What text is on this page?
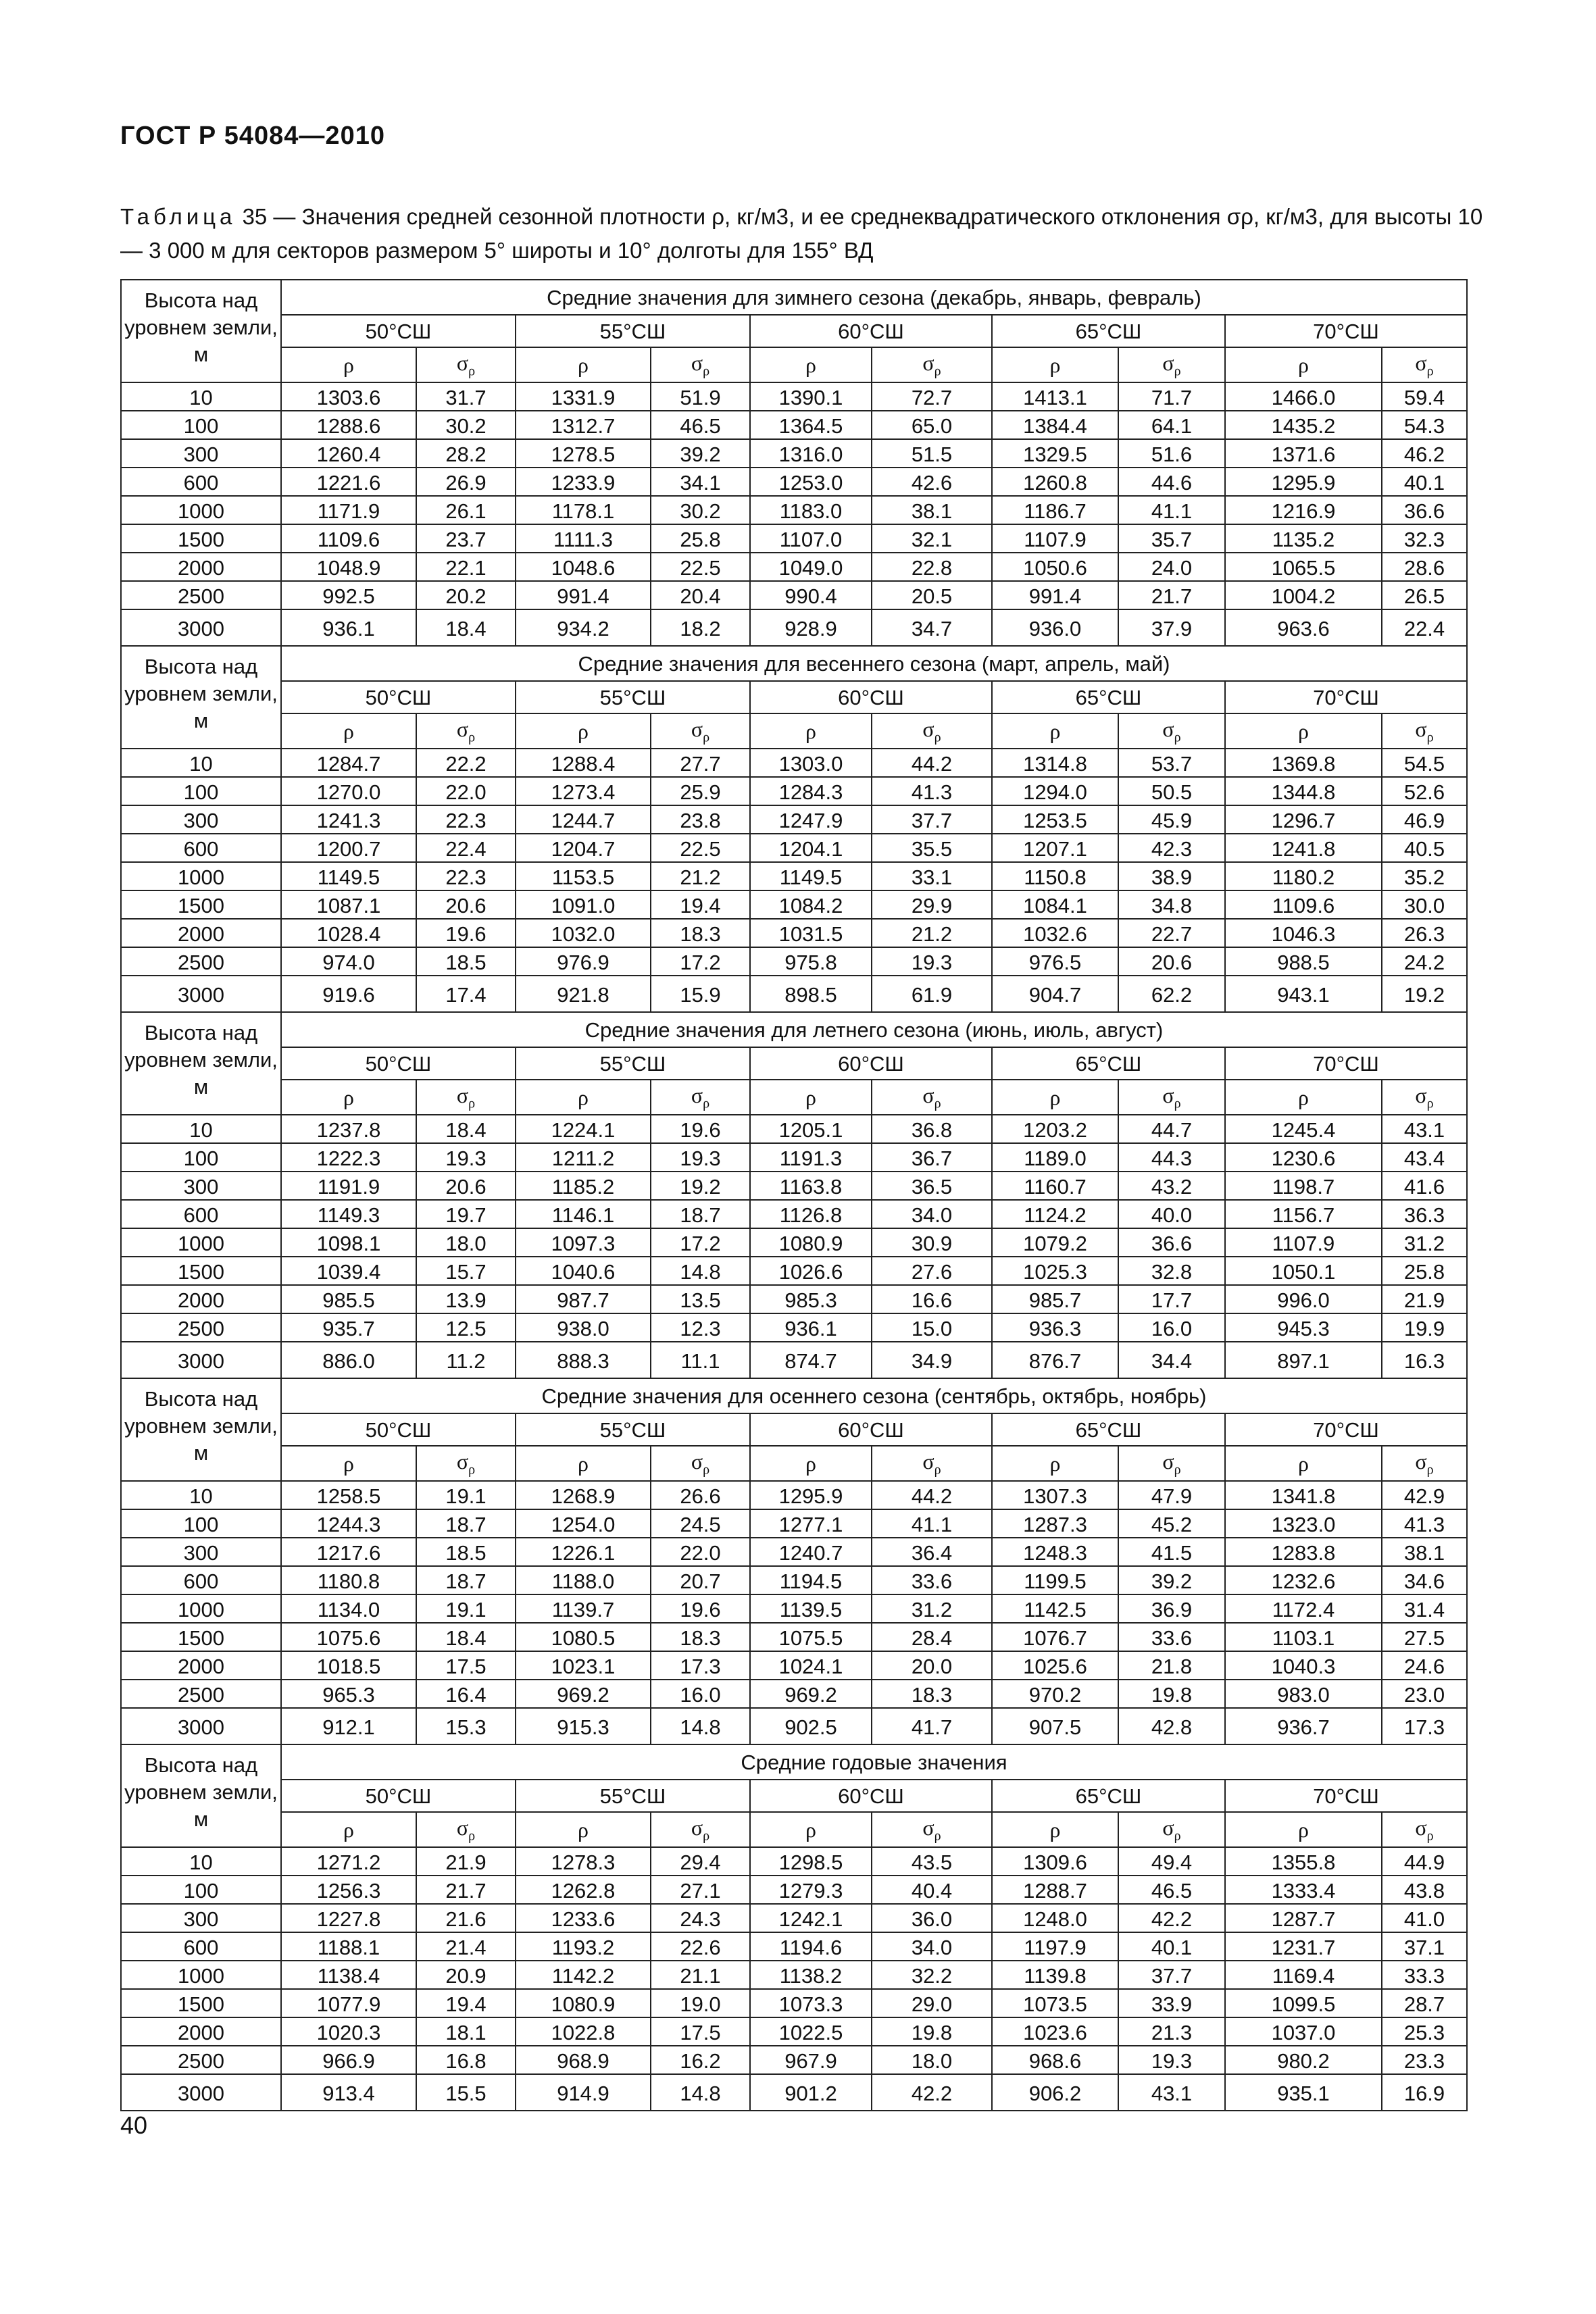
ГОСТ Р 54084—2010
Таблица 35 — Значения средней сезонной плотности ρ, кг/м3, и ее среднеквадратического отклонения σρ, кг/м3, для высоты 10 — 3 000 м для секторов размером 5° широты и 10° долготы для 155° ВД
Высота над уровнем земли, м	Средние значения для зимнего сезона (декабрь, январь, февраль)									
	50°СШ		55°СШ		60°СШ		65°СШ		70°СШ	
	ρ	$\sigma_\rho$	ρ	$\sigma_\rho$	ρ	$\sigma_\rho$	ρ	$\sigma_\rho$	ρ	$\sigma_\rho$
10	1303.6	31.7	1331.9	51.9	1390.1	72.7	1413.1	71.7	1466.0	59.4
100	1288.6	30.2	1312.7	46.5	1364.5	65.0	1384.4	64.1	1435.2	54.3
300	1260.4	28.2	1278.5	39.2	1316.0	51.5	1329.5	51.6	1371.6	46.2
600	1221.6	26.9	1233.9	34.1	1253.0	42.6	1260.8	44.6	1295.9	40.1
1000	1171.9	26.1	1178.1	30.2	1183.0	38.1	1186.7	41.1	1216.9	36.6
1500	1109.6	23.7	1111.3	25.8	1107.0	32.1	1107.9	35.7	1135.2	32.3
2000	1048.9	22.1	1048.6	22.5	1049.0	22.8	1050.6	24.0	1065.5	28.6
2500	992.5	20.2	991.4	20.4	990.4	20.5	991.4	21.7	1004.2	26.5
3000	936.1	18.4	934.2	18.2	928.9	34.7	936.0	37.9	963.6	22.4
Высота над уровнем земли, м	Средние значения для весеннего сезона (март, апрель, май)									
	50°СШ		55°СШ		60°СШ		65°СШ		70°СШ	
	ρ	$\sigma_\rho$	ρ	$\sigma_\rho$	ρ	$\sigma_\rho$	ρ	$\sigma_\rho$	ρ	$\sigma_\rho$
10	1284.7	22.2	1288.4	27.7	1303.0	44.2	1314.8	53.7	1369.8	54.5
100	1270.0	22.0	1273.4	25.9	1284.3	41.3	1294.0	50.5	1344.8	52.6
300	1241.3	22.3	1244.7	23.8	1247.9	37.7	1253.5	45.9	1296.7	46.9
600	1200.7	22.4	1204.7	22.5	1204.1	35.5	1207.1	42.3	1241.8	40.5
1000	1149.5	22.3	1153.5	21.2	1149.5	33.1	1150.8	38.9	1180.2	35.2
1500	1087.1	20.6	1091.0	19.4	1084.2	29.9	1084.1	34.8	1109.6	30.0
2000	1028.4	19.6	1032.0	18.3	1031.5	21.2	1032.6	22.7	1046.3	26.3
2500	974.0	18.5	976.9	17.2	975.8	19.3	976.5	20.6	988.5	24.2
3000	919.6	17.4	921.8	15.9	898.5	61.9	904.7	62.2	943.1	19.2
Высота над уровнем земли, м	Средние значения для летнего сезона (июнь, июль, август)									
	50°СШ		55°СШ		60°СШ		65°СШ		70°СШ	
	ρ	$\sigma_\rho$	ρ	$\sigma_\rho$	ρ	$\sigma_\rho$	ρ	$\sigma_\rho$	ρ	$\sigma_\rho$
10	1237.8	18.4	1224.1	19.6	1205.1	36.8	1203.2	44.7	1245.4	43.1
100	1222.3	19.3	1211.2	19.3	1191.3	36.7	1189.0	44.3	1230.6	43.4
300	1191.9	20.6	1185.2	19.2	1163.8	36.5	1160.7	43.2	1198.7	41.6
600	1149.3	19.7	1146.1	18.7	1126.8	34.0	1124.2	40.0	1156.7	36.3
1000	1098.1	18.0	1097.3	17.2	1080.9	30.9	1079.2	36.6	1107.9	31.2
1500	1039.4	15.7	1040.6	14.8	1026.6	27.6	1025.3	32.8	1050.1	25.8
2000	985.5	13.9	987.7	13.5	985.3	16.6	985.7	17.7	996.0	21.9
2500	935.7	12.5	938.0	12.3	936.1	15.0	936.3	16.0	945.3	19.9
3000	886.0	11.2	888.3	11.1	874.7	34.9	876.7	34.4	897.1	16.3
Высота над уровнем земли, м	Средние значения для осеннего сезона (сентябрь, октябрь, ноябрь)									
	50°СШ		55°СШ		60°СШ		65°СШ		70°СШ	
	ρ	$\sigma_\rho$	ρ	$\sigma_\rho$	ρ	$\sigma_\rho$	ρ	$\sigma_\rho$	ρ	$\sigma_\rho$
10	1258.5	19.1	1268.9	26.6	1295.9	44.2	1307.3	47.9	1341.8	42.9
100	1244.3	18.7	1254.0	24.5	1277.1	41.1	1287.3	45.2	1323.0	41.3
300	1217.6	18.5	1226.1	22.0	1240.7	36.4	1248.3	41.5	1283.8	38.1
600	1180.8	18.7	1188.0	20.7	1194.5	33.6	1199.5	39.2	1232.6	34.6
1000	1134.0	19.1	1139.7	19.6	1139.5	31.2	1142.5	36.9	1172.4	31.4
1500	1075.6	18.4	1080.5	18.3	1075.5	28.4	1076.7	33.6	1103.1	27.5
2000	1018.5	17.5	1023.1	17.3	1024.1	20.0	1025.6	21.8	1040.3	24.6
2500	965.3	16.4	969.2	16.0	969.2	18.3	970.2	19.8	983.0	23.0
3000	912.1	15.3	915.3	14.8	902.5	41.7	907.5	42.8	936.7	17.3
Высота над уровнем земли, м	Средние годовые значения									
	50°СШ		55°СШ		60°СШ		65°СШ		70°СШ	
	ρ	$\sigma_\rho$	ρ	$\sigma_\rho$	ρ	$\sigma_\rho$	ρ	$\sigma_\rho$	ρ	$\sigma_\rho$
10	1271.2	21.9	1278.3	29.4	1298.5	43.5	1309.6	49.4	1355.8	44.9
100	1256.3	21.7	1262.8	27.1	1279.3	40.4	1288.7	46.5	1333.4	43.8
300	1227.8	21.6	1233.6	24.3	1242.1	36.0	1248.0	42.2	1287.7	41.0
600	1188.1	21.4	1193.2	22.6	1194.6	34.0	1197.9	40.1	1231.7	37.1
1000	1138.4	20.9	1142.2	21.1	1138.2	32.2	1139.8	37.7	1169.4	33.3
1500	1077.9	19.4	1080.9	19.0	1073.3	29.0	1073.5	33.9	1099.5	28.7
2000	1020.3	18.1	1022.8	17.5	1022.5	19.8	1023.6	21.3	1037.0	25.3
2500	966.9	16.8	968.9	16.2	967.9	18.0	968.6	19.3	980.2	23.3
3000	913.4	15.5	914.9	14.8	901.2	42.2	906.2	43.1	935.1	16.9
40
